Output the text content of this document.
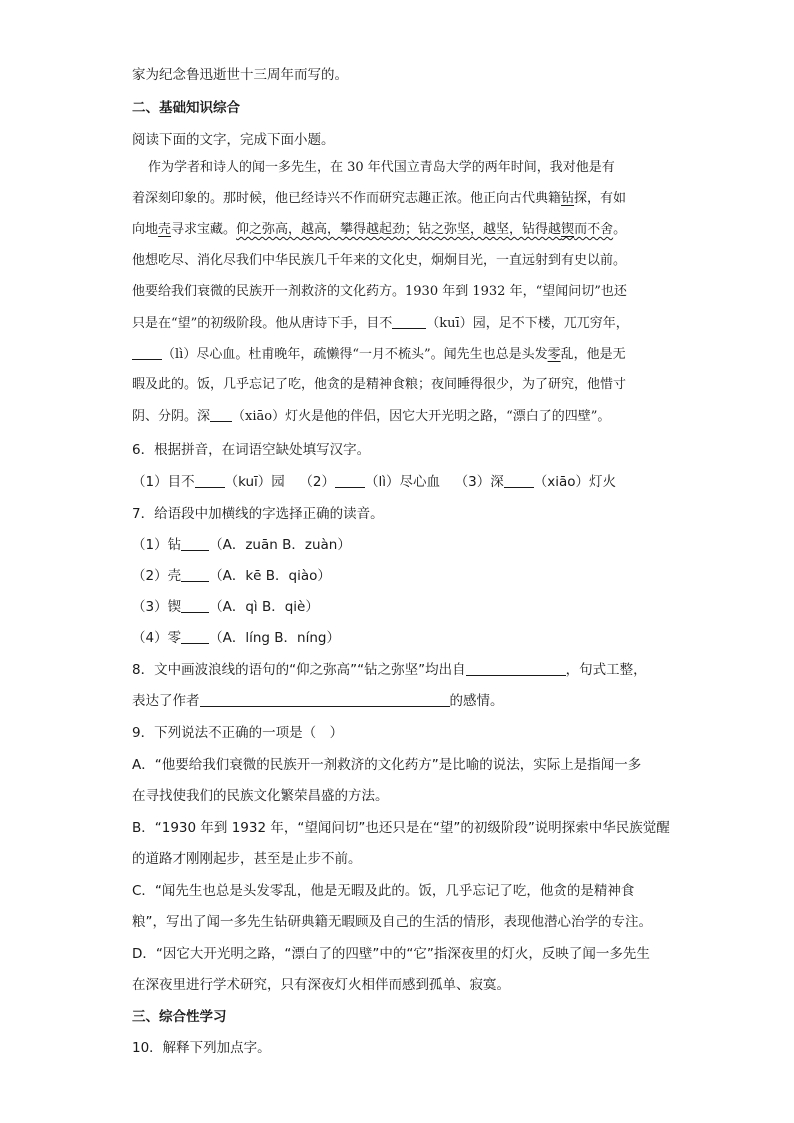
家为纪念鲁迅逝世十三周年而写的。
二、基础知识综合
阅读下面的文字，完成下面小题。
作为学者和诗人的闻一多先生，在 30 年代国立青岛大学的两年时间，我对他是有
着深刻印象的。那时候，他已经诗兴不作而研究志趣正浓。他正向古代典籍钻探，有如
向地壳寻求宝藏。仰之弥高，越高，攀得越起劲；钻之弥坚，越坚，钻得越锲而不舍。
他想吃尽、消化尽我们中华民族几千年来的文化史，炯炯目光，一直远射到有史以前。
他要给我们衰微的民族开一剂救济的文化药方。1930 年到 1932 年，“望闻问切”也还
只是在“望”的初级阶段。他从唐诗下手，目不	（kuī）园，足不下楼，兀兀穷年，
（lì）尽心血。杜甫晚年，疏懒得“一月不梳头”。闻先生也总是头发零乱，他是无
暇及此的。饭，几乎忘记了吃，他贪的是精神食粮；夜间睡得很少，为了研究，他惜寸
阴、分阴。深 （xiāo）灯火是他的伴侣，因它大开光明之路，“漂白了的四壁”。
6．根据拼音，在词语空缺处填写汉字。
（1）目不 （kuī）园 （2） （lì）尽心血 （3）深 （xiāo）灯火
7．给语段中加横线的字选择正确的读音。
（1）钻 （A．zuān B．zuàn）
（2）壳 （A．kē B．qiào）
（3）锲 （A．qì B．qiè）
（4）零 （A．líng B．níng）
8．文中画波浪线的语句的“仰之弥高”“钻之弥坚”均出自	，句式工整，
表达了作者	的感情。
9．下列说法不正确的一项是（　）
A．“他要给我们衰微的民族开一剂救济的文化药方”是比喻的说法，实际上是指闻一多
在寻找使我们的民族文化繁荣昌盛的方法。
B．“1930 年到 1932 年，“望闻问切”也还只是在“望”的初级阶段”说明探索中华民族觉醒
的道路才刚刚起步，甚至是止步不前。
C．“闻先生也总是头发零乱，他是无暇及此的。饭，几乎忘记了吃，他贪的是精神食
粮”，写出了闻一多先生钻研典籍无暇顾及自己的生活的情形，表现他潜心治学的专注。
D．“因它大开光明之路，“漂白了的四壁”中的“它”指深夜里的灯火，反映了闻一多先生
在深夜里进行学术研究，只有深夜灯火相伴而感到孤单、寂寞。
三、综合性学习
10．解释下列加点字。
